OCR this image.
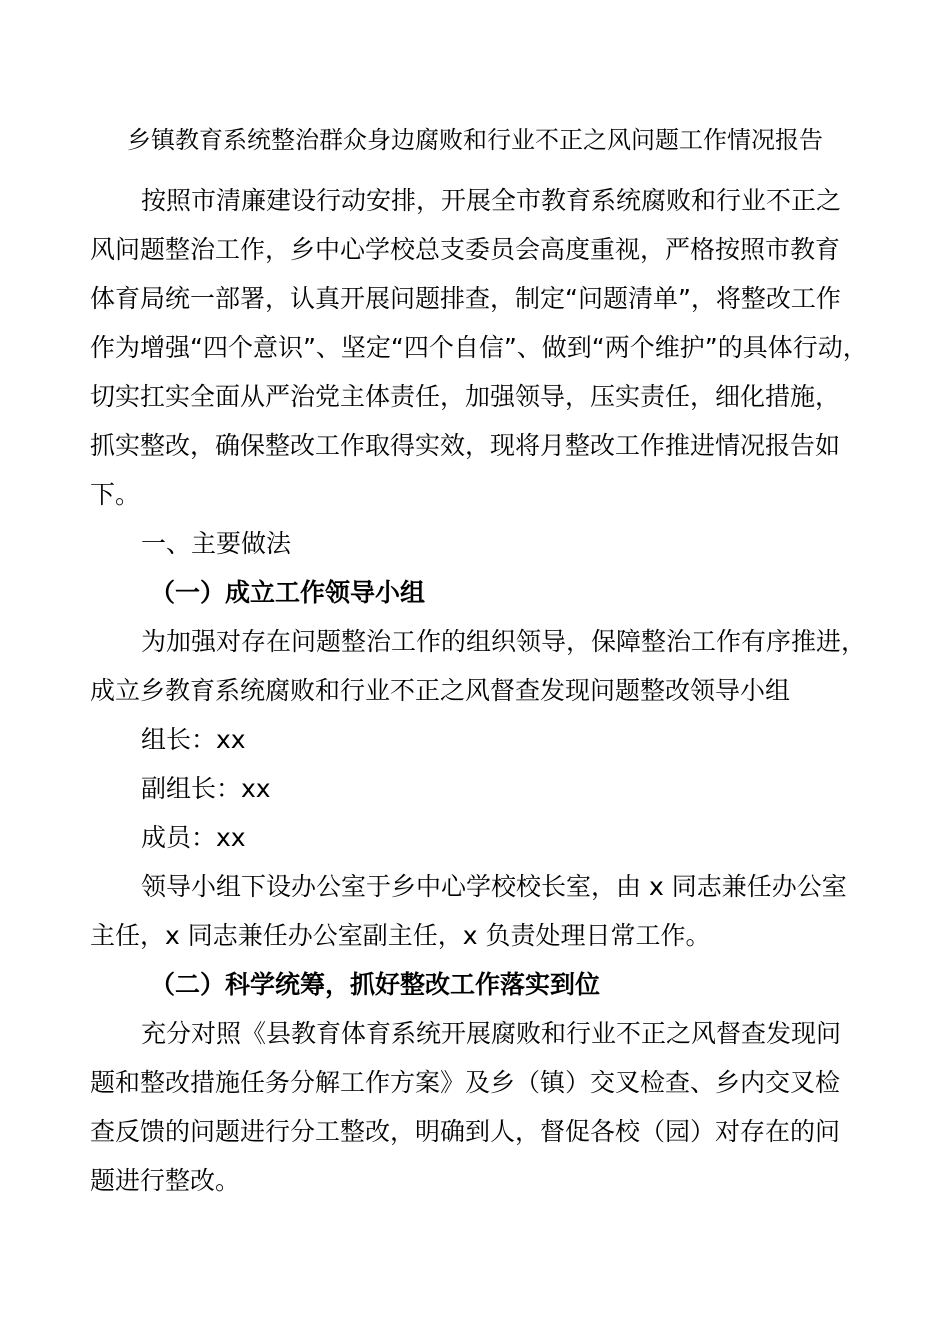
乡镇教育系统整治群众身边腐败和行业不正之风问题工作情况报告
按照市清廉建设行动安排，开展全市教育系统腐败和行业不正之
风问题整治工作，乡中心学校总支委员会高度重视，严格按照市教育
体育局统一部署，认真开展问题排查，制定“问题清单”，将整改工作
作为增强“四个意识”、坚定“四个自信”、做到“两个维护”的具体行动，
切实扛实全面从严治党主体责任，加强领导，压实责任，细化措施，
抓实整改，确保整改工作取得实效，现将月整改工作推进情况报告如
下。
一、主要做法
（一）成立工作领导小组
为加强对存在问题整治工作的组织领导，保障整治工作有序推进，
成立乡教育系统腐败和行业不正之风督查发现问题整改领导小组
组长：xx
副组长：xx
成员：xx
领导小组下设办公室于乡中心学校校长室，由 x 同志兼任办公室
主任，x 同志兼任办公室副主任，x 负责处理日常工作。
（二）科学统筹，抓好整改工作落实到位
充分对照《县教育体育系统开展腐败和行业不正之风督查发现问
题和整改措施任务分解工作方案》及乡（镇）交叉检查、乡内交叉检
查反馈的问题进行分工整改，明确到人，督促各校（园）对存在的问
题进行整改。
